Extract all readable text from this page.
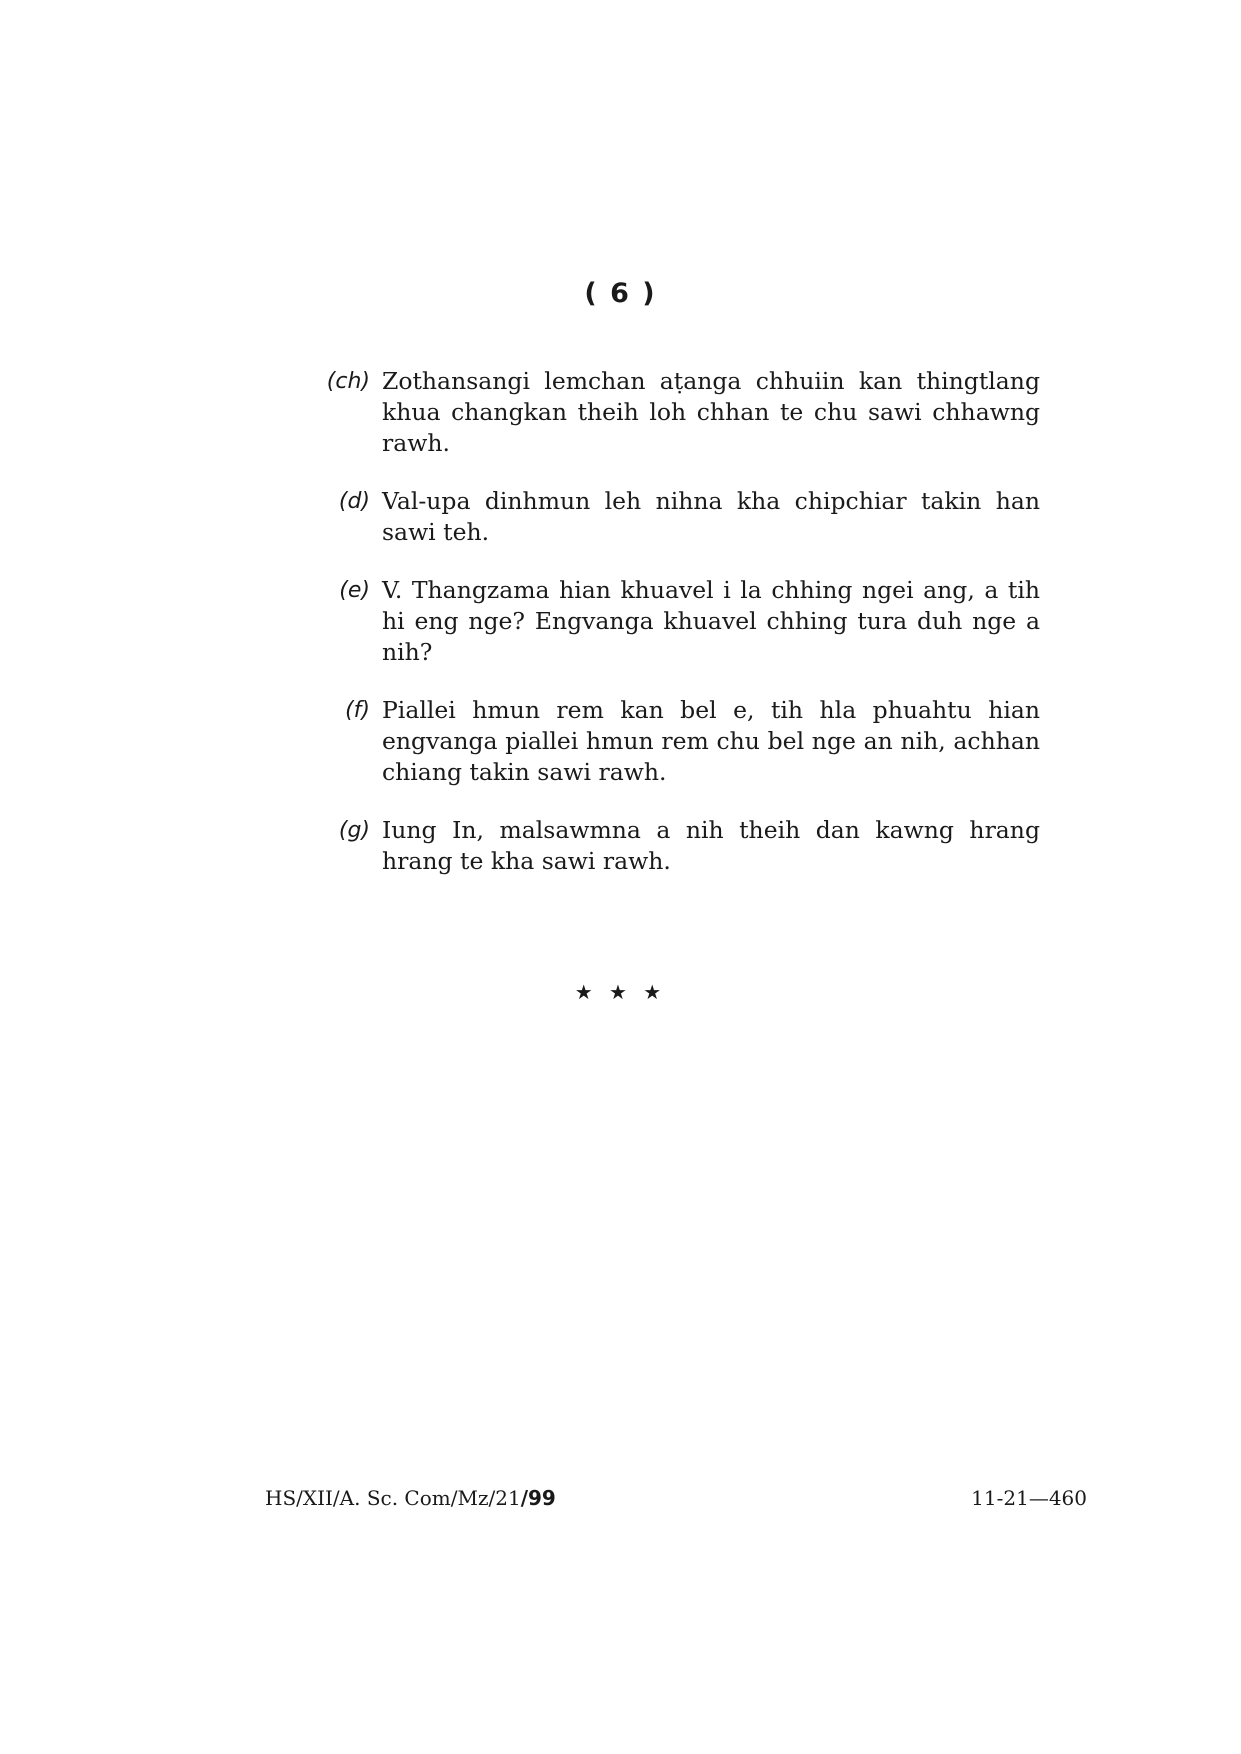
( 6 )
(ch) Zothansangi lemchan aṭanga chhuiin kan thingtlang khua changkan theih loh chhan te chu sawi chhawng rawh.
(d) Val-upa dinhmun leh nihna kha chipchiar takin han sawi teh.
(e) V. Thangzama hian khuavel i la chhing ngei ang, a tih hi eng nge? Engvanga khuavel chhing tura duh nge a nih?
(f) Piallei hmun rem kan bel e, tih hla phuahtu hian engvanga piallei hmun rem chu bel nge an nih, achhan chiang takin sawi rawh.
(g) Iung In, malsawmna a nih theih dan kawng hrang hrang te kha sawi rawh.
★ ★ ★
HS/XII/A. Sc. Com/Mz/21/99	11-21—460
